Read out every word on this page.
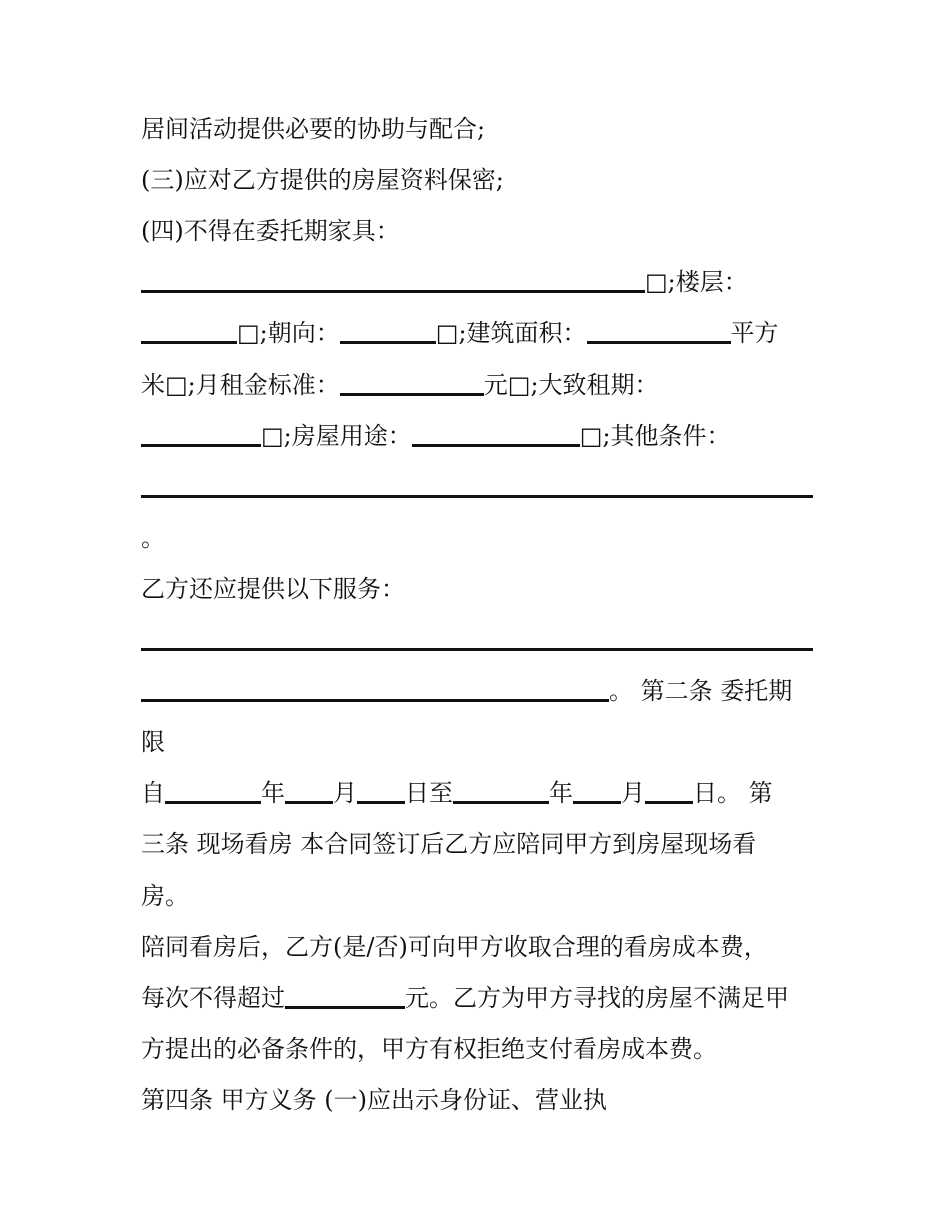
居间活动提供必要的协助与配合;
(三)应对乙方提供的房屋资料保密;
(四)不得在委托期家具：
□;楼层：
□;朝向：	□;建筑面积：	平方
米□;月租金标准：	元□;大致租期：
□;房屋用途：	□;其他条件：
。
乙方还应提供以下服务：
。 第二条 委托期
限
自	年 月 日至	年 月 日。 第
三条 现场看房 本合同签订后乙方应陪同甲方到房屋现场看
房。
陪同看房后，乙方(是/否)可向甲方收取合理的看房成本费，
每次不得超过	元。乙方为甲方寻找的房屋不满足甲
方提出的必备条件的，甲方有权拒绝支付看房成本费。
第四条 甲方义务 (一)应出示身份证、营业执
